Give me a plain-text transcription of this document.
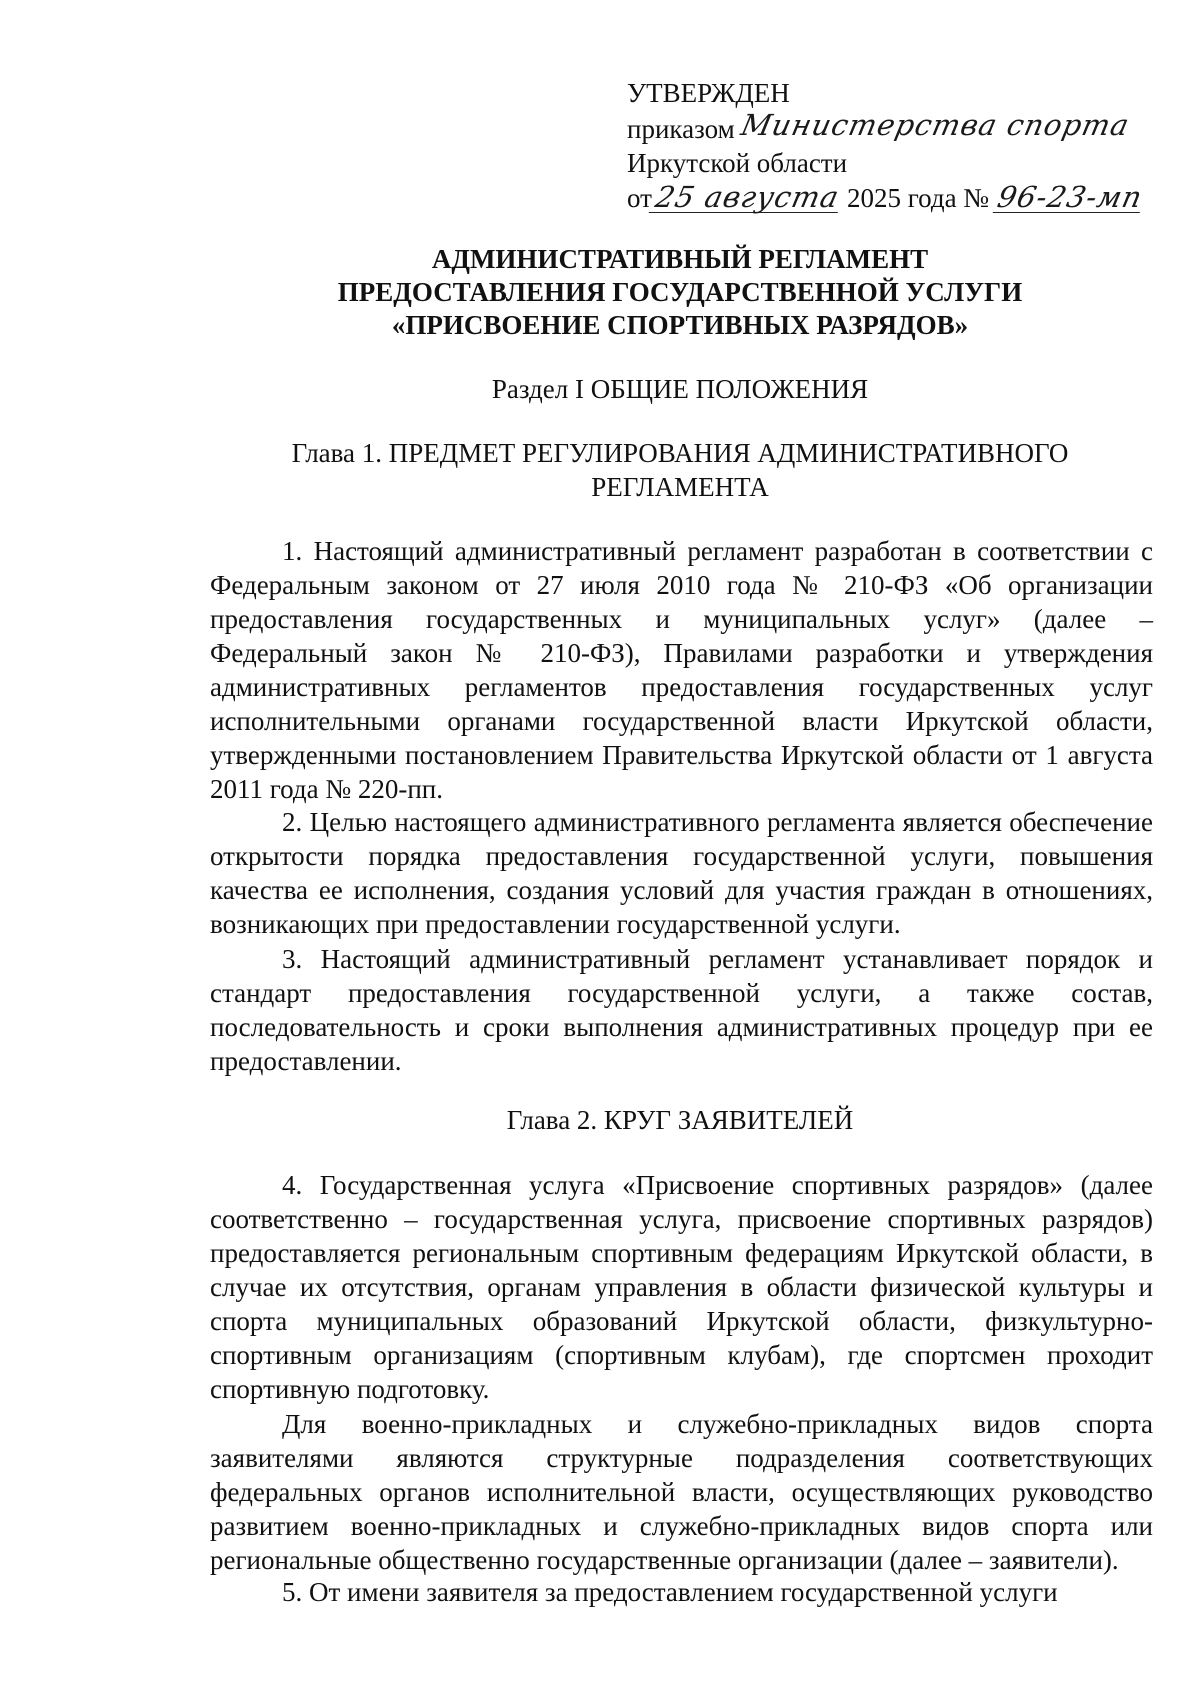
УТВЕРЖДЕН
приказом Министерства спорта
Иркутской области
от25 августа 2025 года № 96-23-мп
АДМИНИСТРАТИВНЫЙ РЕГЛАМЕНТ
ПРЕДОСТАВЛЕНИЯ ГОСУДАРСТВЕННОЙ УСЛУГИ
«ПРИСВОЕНИЕ СПОРТИВНЫХ РАЗРЯДОВ»
Раздел I ОБЩИЕ ПОЛОЖЕНИЯ
Глава 1. ПРЕДМЕТ РЕГУЛИРОВАНИЯ АДМИНИСТРАТИВНОГО
РЕГЛАМЕНТА

1. Настоящий административный регламент разработан в соответствии с Федеральным законом от 27 июля 2010 года № 210-ФЗ «Об организации предоставления государственных и муниципальных услуг» (далее – Федеральный закон № 210-ФЗ), Правилами разработки и утверждения административных регламентов предоставления государственных услуг исполнительными органами государственной власти Иркутской области, утвержденными постановлением Правительства Иркутской области от 1 августа 2011 года № 220-пп.

2. Целью настоящего административного регламента является обеспечение открытости порядка предоставления государственной услуги, повышения качества ее исполнения, создания условий для участия граждан в отношениях, возникающих при предоставлении государственной услуги.

3. Настоящий административный регламент устанавливает порядок и стандарт предоставления государственной услуги, а также состав, последовательность и сроки выполнения административных процедур при ее предоставлении.

Глава 2. КРУГ ЗАЯВИТЕЛЕЙ

4. Государственная услуга «Присвоение спортивных разрядов» (далее соответственно – государственная услуга, присвоение спортивных разрядов) предоставляется региональным спортивным федерациям Иркутской области, в случае их отсутствия, органам управления в области физической культуры и спорта муниципальных образований Иркутской области, физкультурно-спортивным организациям (спортивным клубам), где спортсмен проходит спортивную подготовку.

Для военно-прикладных и служебно-прикладных видов спорта заявителями являются структурные подразделения соответствующих федеральных органов исполнительной власти, осуществляющих руководство развитием военно-прикладных и служебно-прикладных видов спорта или региональные общественно государственные организации (далее – заявители).

5. От имени заявителя за предоставлением государственной услуги
